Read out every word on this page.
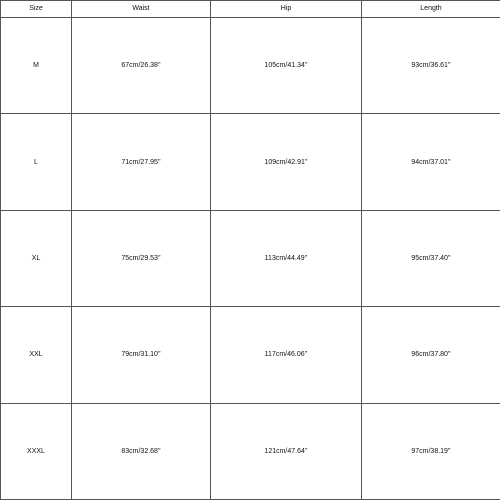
Size	Waist	Hip	Length
M	67cm/26.38''	105cm/41.34''	93cm/36.61''
L	71cm/27.95''	109cm/42.91''	94cm/37.01''
XL	75cm/29.53''	113cm/44.49''	95cm/37.40''
XXL	79cm/31.10''	117cm/46.06''	96cm/37.80''
XXXL	83cm/32.68''	121cm/47.64''	97cm/38.19''
